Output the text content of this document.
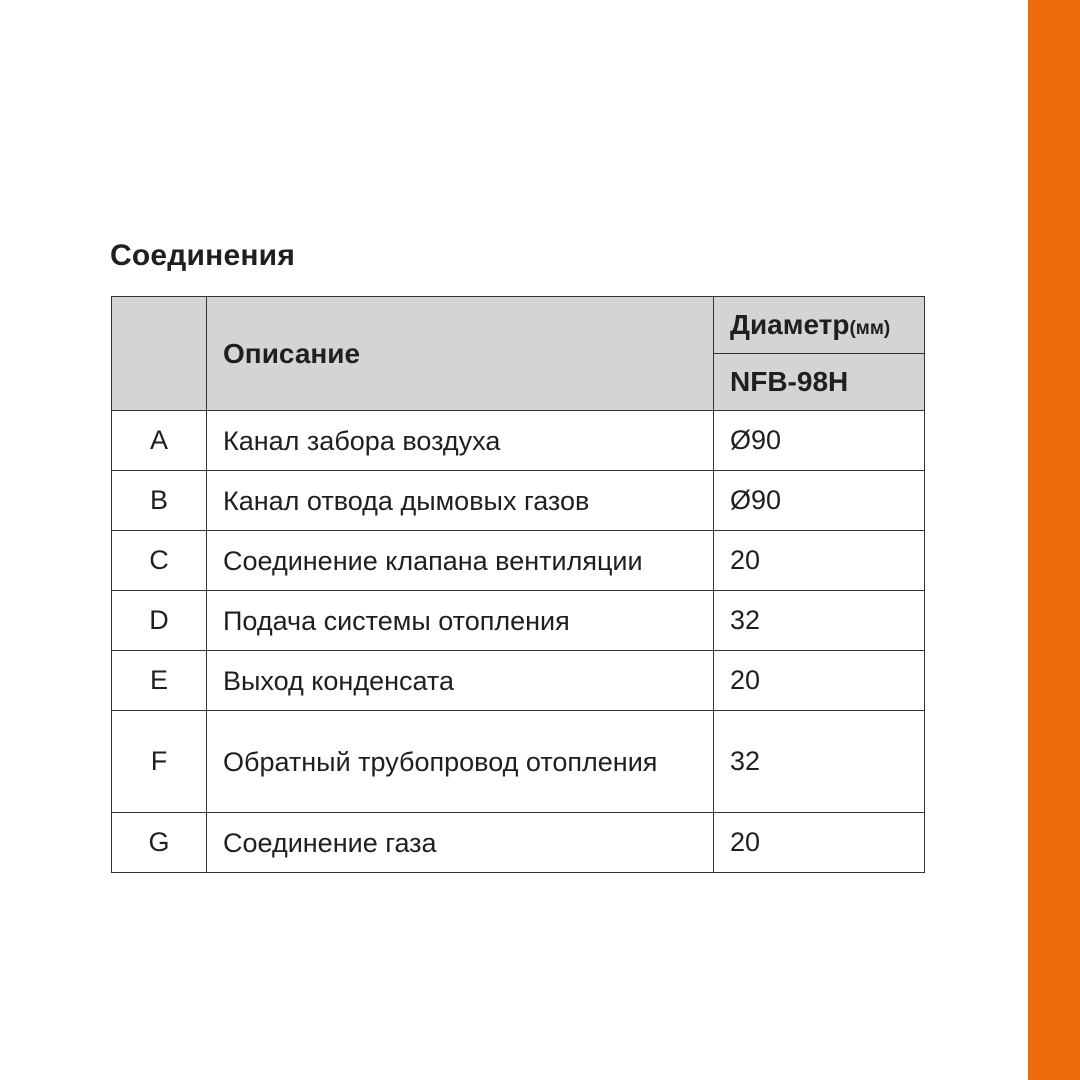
Соединения
	Описание	Диаметр(мм)
		NFB-98H
A	Канал забора воздуха	Ø90
B	Канал отвода дымовых газов	Ø90
C	Соединение клапана вентиляции	20
D	Подача системы отопления	32
E	Выход конденсата	20
F	Обратный трубопровод отопления	32
G	Соединение газа	20
